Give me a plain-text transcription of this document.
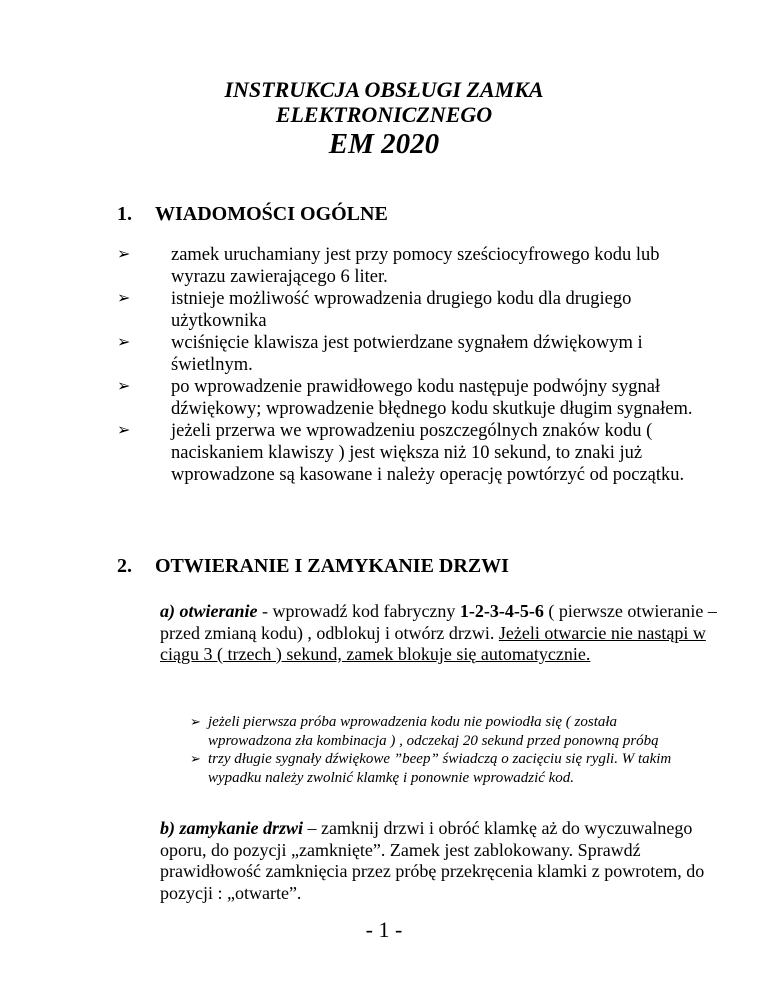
INSTRUKCJA OBSŁUGI ZAMKA
ELEKTRONICZNEGO
EM 2020
1. WIADOMOŚCI OGÓLNE
➢ zamek uruchamiany jest przy pomocy sześciocyfrowego kodu lub wyrazu zawierającego 6 liter.
➢ istnieje możliwość wprowadzenia drugiego kodu dla drugiego użytkownika
➢ wciśnięcie klawisza jest potwierdzane sygnałem dźwiękowym i świetlnym.
➢ po wprowadzenie prawidłowego kodu następuje podwójny sygnał dźwiękowy; wprowadzenie błędnego kodu skutkuje długim sygnałem.
➢ jeżeli przerwa we wprowadzeniu poszczególnych znaków kodu ( naciskaniem klawiszy ) jest większa niż 10 sekund, to znaki już wprowadzone są kasowane i należy operację powtórzyć od początku.
2. OTWIERANIE I ZAMYKANIE DRZWI

a) otwieranie - wprowadź kod fabryczny 1-2-3-4-5-6 ( pierwsze otwieranie – przed zmianą kodu) , odblokuj i otwórz drzwi. Jeżeli otwarcie nie nastąpi w ciągu 3 ( trzech ) sekund, zamek blokuje się automatycznie.

➢ jeżeli pierwsza próba wprowadzenia kodu nie powiodła się ( została wprowadzona zła kombinacja ) , odczekaj 20 sekund przed ponowną próbą
➢ trzy długie sygnały dźwiękowe ”beep” świadczą o zacięciu się rygli. W takim wypadku należy zwolnić klamkę i ponownie wprowadzić kod.

b) zamykanie drzwi – zamknij drzwi i obróć klamkę aż do wyczuwalnego oporu, do pozycji „zamknięte”. Zamek jest zablokowany. Sprawdź prawidłowość zamknięcia przez próbę przekręcenia klamki z powrotem, do pozycji : „otwarte”.

- 1 -
